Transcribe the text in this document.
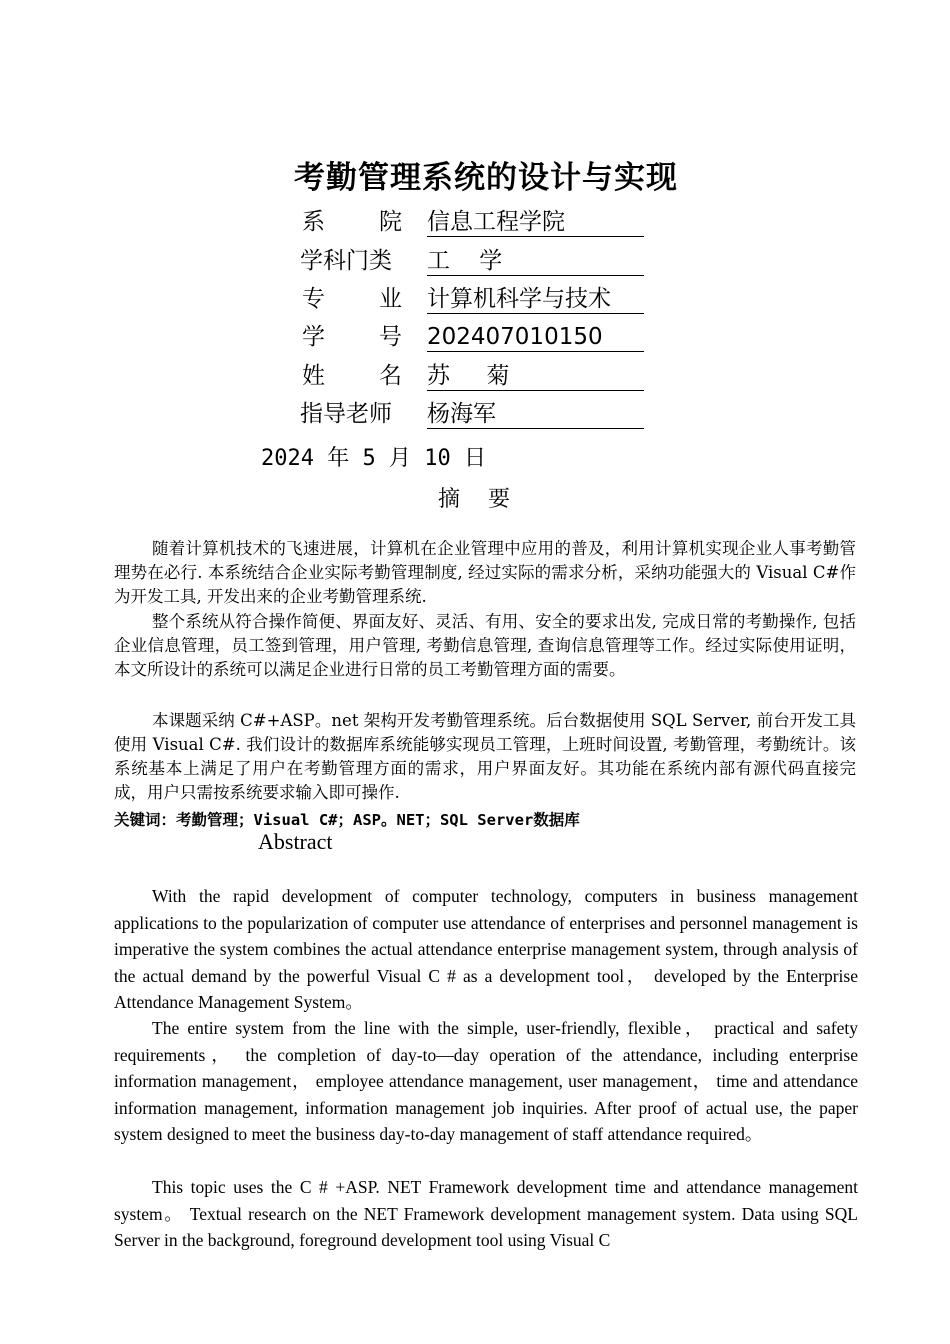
考勤管理系统的设计与实现
系 院 信息工程学院
学科门类 工    学
专 业 计算机科学与技术
学 号 202407010150
姓 名 苏     菊
指导老师 杨海军
2024 年 5 月 10 日
摘    要

随着计算机技术的飞速进展，计算机在企业管理中应用的普及，利用计算机实现企业人事考勤管理势在必行. 本系统结合企业实际考勤管理制度, 经过实际的需求分析，采纳功能强大的 Visual C#作为开发工具, 开发出来的企业考勤管理系统.

整个系统从符合操作简便、界面友好、灵活、有用、安全的要求出发, 完成日常的考勤操作, 包括企业信息管理，员工签到管理，用户管理, 考勤信息管理, 查询信息管理等工作。经过实际使用证明，本文所设计的系统可以满足企业进行日常的员工考勤管理方面的需要。

本课题采纳 C#+ASP。net 架构开发考勤管理系统。后台数据使用 SQL Server, 前台开发工具使用 Visual C#. 我们设计的数据库系统能够实现员工管理，上班时间设置, 考勤管理，考勤统计。该系统基本上满足了用户在考勤管理方面的需求，用户界面友好。其功能在系统内部有源代码直接完成，用户只需按系统要求输入即可操作.

关键词：考勤管理；Visual C#；ASP。NET；SQL Server数据库
Abstract

With the rapid development of computer technology, computers in business management applications to the popularization of computer use attendance of enterprises and personnel management is imperative the system combines the actual attendance enterprise management system, through analysis of the actual demand by the powerful Visual C # as a development tool， developed by the Enterprise Attendance Management System。

The entire system from the line with the simple, user-friendly, flexible， practical and safety requirements， the completion of day-to—day operation of the attendance, including enterprise information management， employee attendance management, user management， time and attendance information management, information management job inquiries. After proof of actual use, the paper system designed to meet the business day-to-day management of staff attendance required。

This topic uses the C # +ASP. NET Framework development time and attendance management system。 Textual research on the NET Framework development management system. Data using SQL Server in the background, foreground development tool using Visual C
